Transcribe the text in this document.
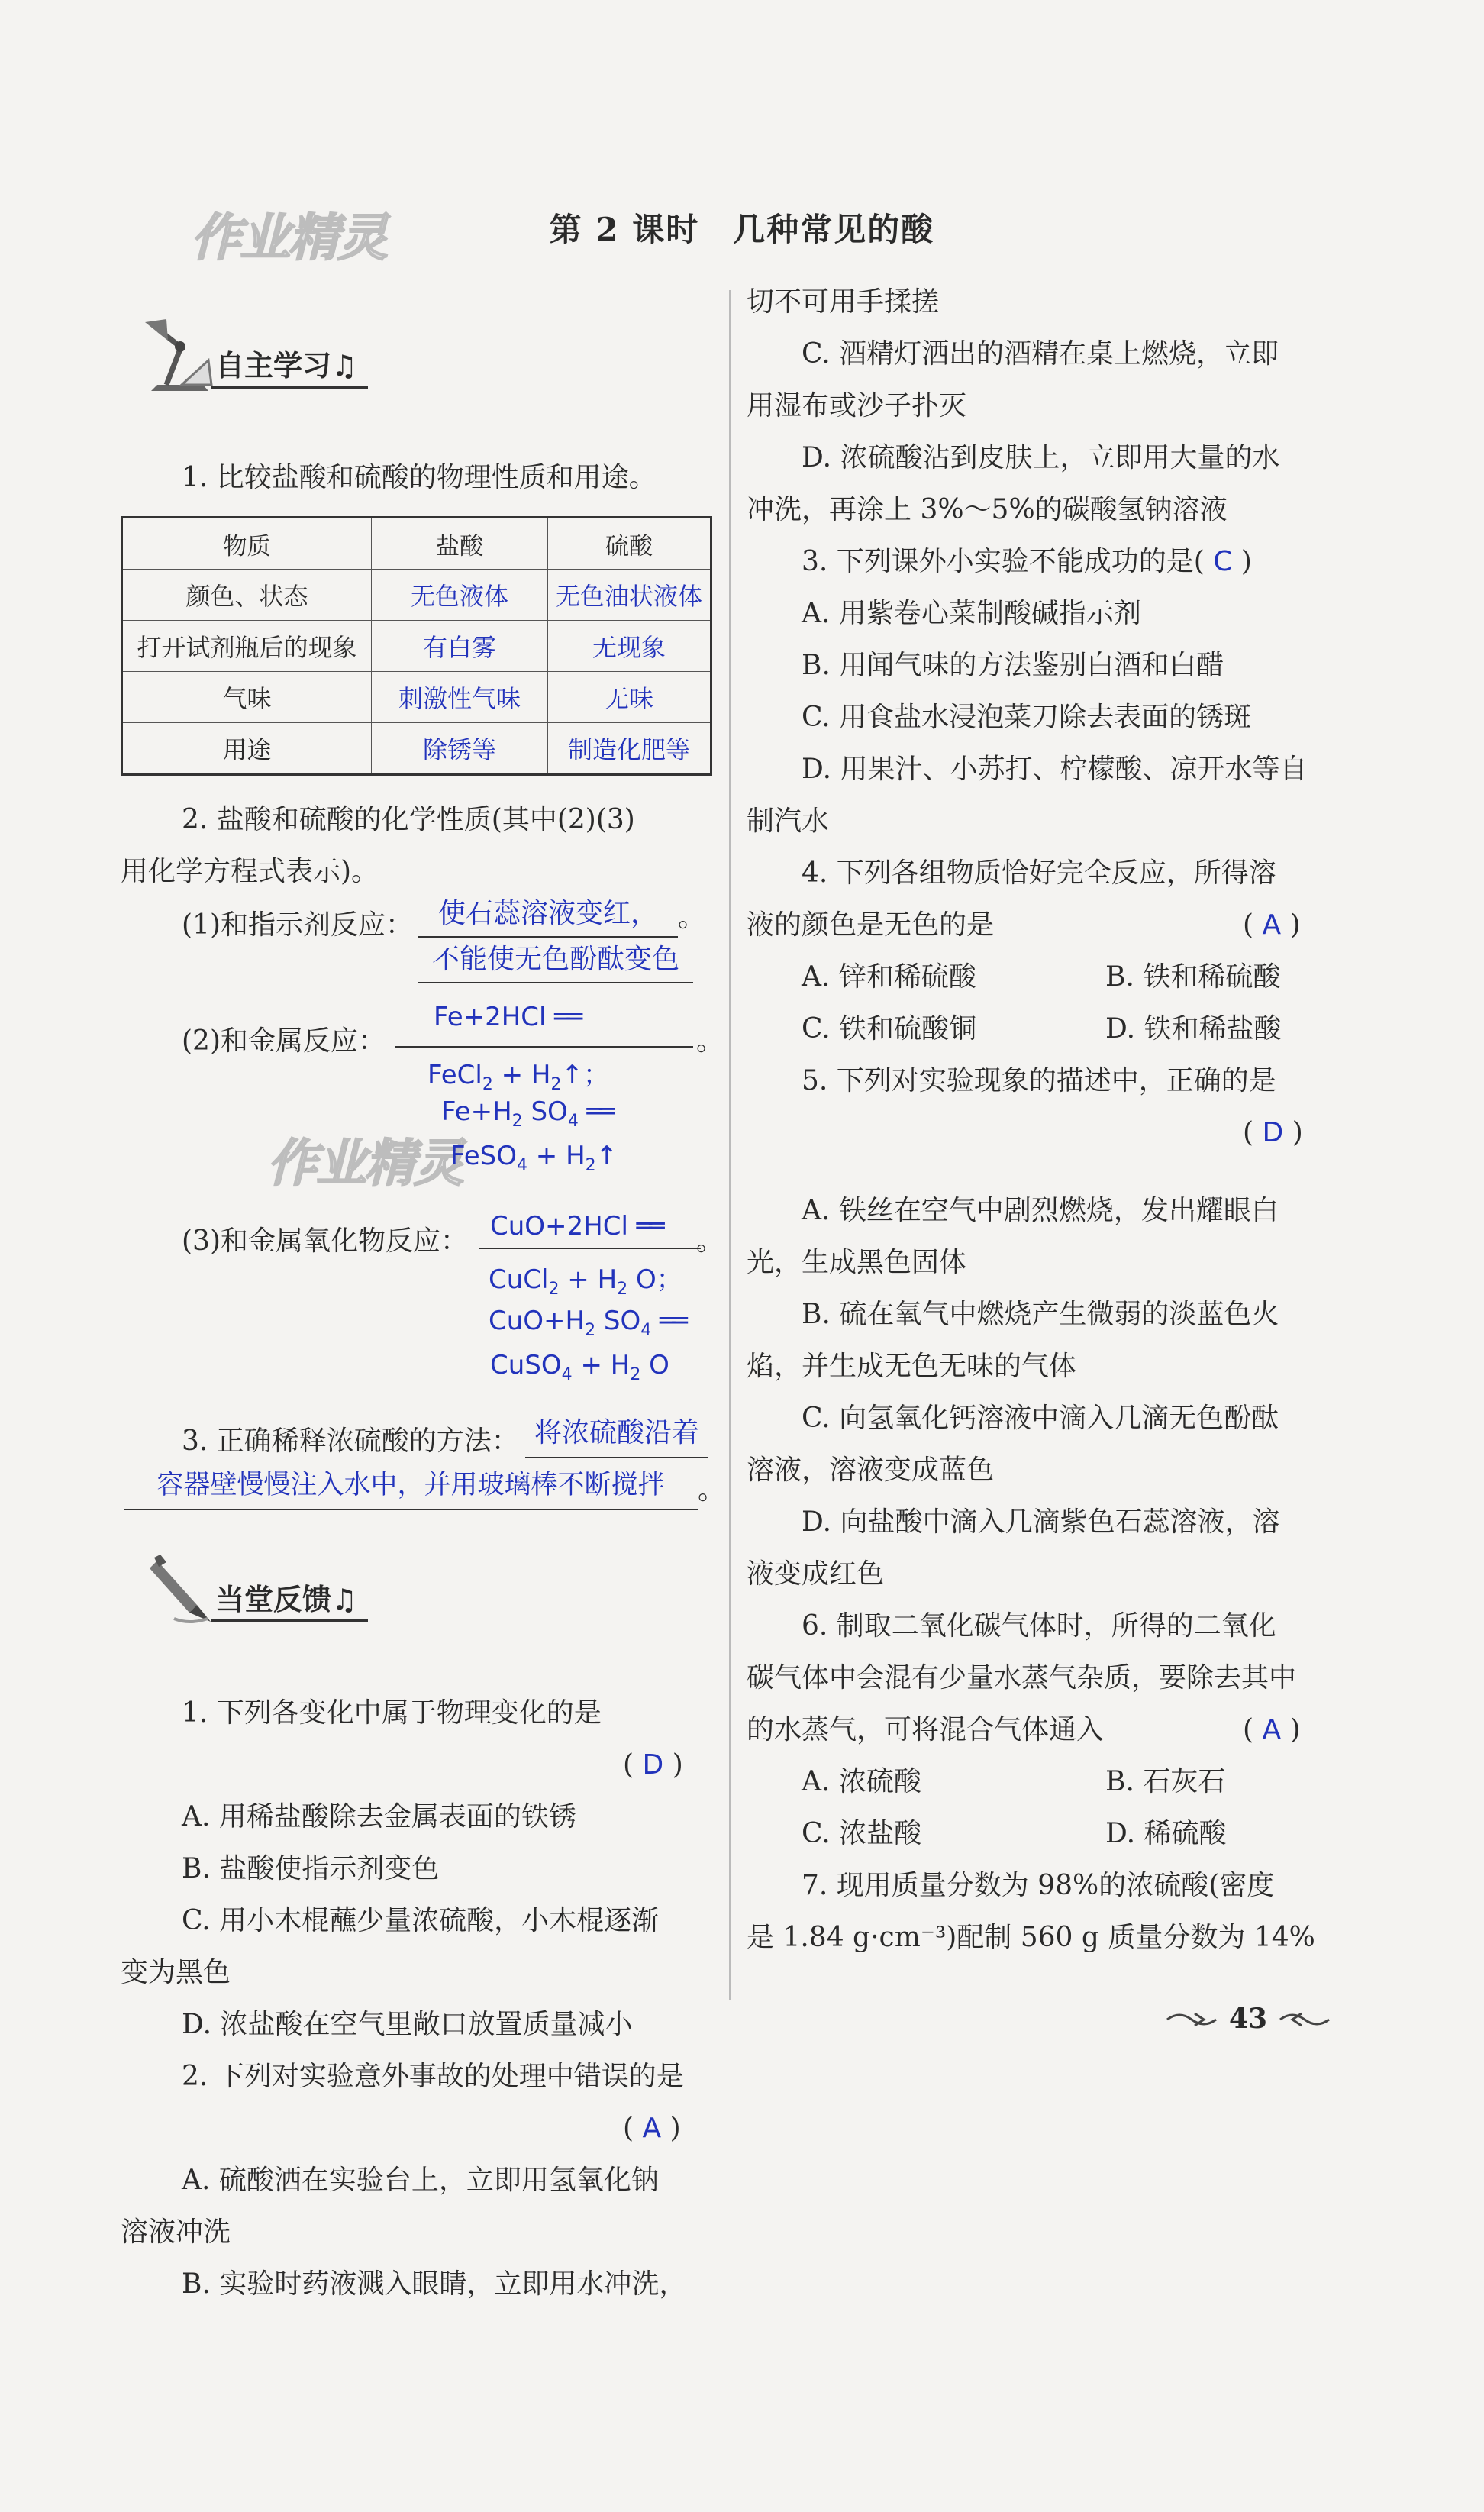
第 2 课时　几种常见的酸
作业精灵
作业精灵
自主学习♫
1. 比较盐酸和硫酸的物理性质和用途。
物质	盐酸	硫酸
颜色、状态	无色液体	无色油状液体
打开试剂瓶后的现象	有白雾	无现象
气味	刺激性气味	无味
用途	除锈等	制造化肥等
2. 盐酸和硫酸的化学性质(其中(2)(3)
用化学方程式表示)。
(1)和指示剂反应： 使石蕊溶液变红， 。
不能使无色酚酞变色
(2)和金属反应：	。
Fe+2HCl ══
FeCl$_2$ + $H_2↑$；
$Fe+H_2$ $SO_4$ ══
FeSO$_4$ + $H_2↑$
(3)和金属氧化物反应：	。
CuO+2HCl ══
CuCl$_2$ + $H_2$ O；
$CuO+H_2$ $SO_4$ ══
CuSO$_4$ + $H_2$ O
3. 正确稀释浓硫酸的方法： 将浓硫酸沿着
容器壁慢慢注入水中，并用玻璃棒不断搅拌	。
当堂反馈♫
1. 下列各变化中属于物理变化的是
( D )
A. 用稀盐酸除去金属表面的铁锈
B. 盐酸使指示剂变色
C. 用小木棍蘸少量浓硫酸，小木棍逐渐
变为黑色
D. 浓盐酸在空气里敞口放置质量减小
2. 下列对实验意外事故的处理中错误的是
( A )
A. 硫酸洒在实验台上，立即用氢氧化钠
溶液冲洗
B. 实验时药液溅入眼睛，立即用水冲洗，
切不可用手揉搓
C. 酒精灯洒出的酒精在桌上燃烧，立即
用湿布或沙子扑灭
D. 浓硫酸沾到皮肤上，立即用大量的水
冲洗，再涂上 3%～5%的碳酸氢钠溶液
3. 下列课外小实验不能成功的是( C )
A. 用紫卷心菜制酸碱指示剂
B. 用闻气味的方法鉴别白酒和白醋
C. 用食盐水浸泡菜刀除去表面的锈斑
D. 用果汁、小苏打、柠檬酸、凉开水等自
制汽水
4. 下列各组物质恰好完全反应，所得溶
液的颜色是无色的是	( A )
A. 锌和稀硫酸	B. 铁和稀硫酸
C. 铁和硫酸铜	D. 铁和稀盐酸
5. 下列对实验现象的描述中，正确的是
( D )
A. 铁丝在空气中剧烈燃烧，发出耀眼白
光，生成黑色固体
B. 硫在氧气中燃烧产生微弱的淡蓝色火
焰，并生成无色无味的气体
C. 向氢氧化钙溶液中滴入几滴无色酚酞
溶液，溶液变成蓝色
D. 向盐酸中滴入几滴紫色石蕊溶液，溶
液变成红色
6. 制取二氧化碳气体时，所得的二氧化
碳气体中会混有少量水蒸气杂质，要除去其中
的水蒸气，可将混合气体通入	( A )
A. 浓硫酸	B. 石灰石
C. 浓盐酸	D. 稀硫酸
7. 现用质量分数为 98%的浓硫酸(密度
是 1.84 g·cm⁻³)配制 560 g 质量分数为 14%
43
